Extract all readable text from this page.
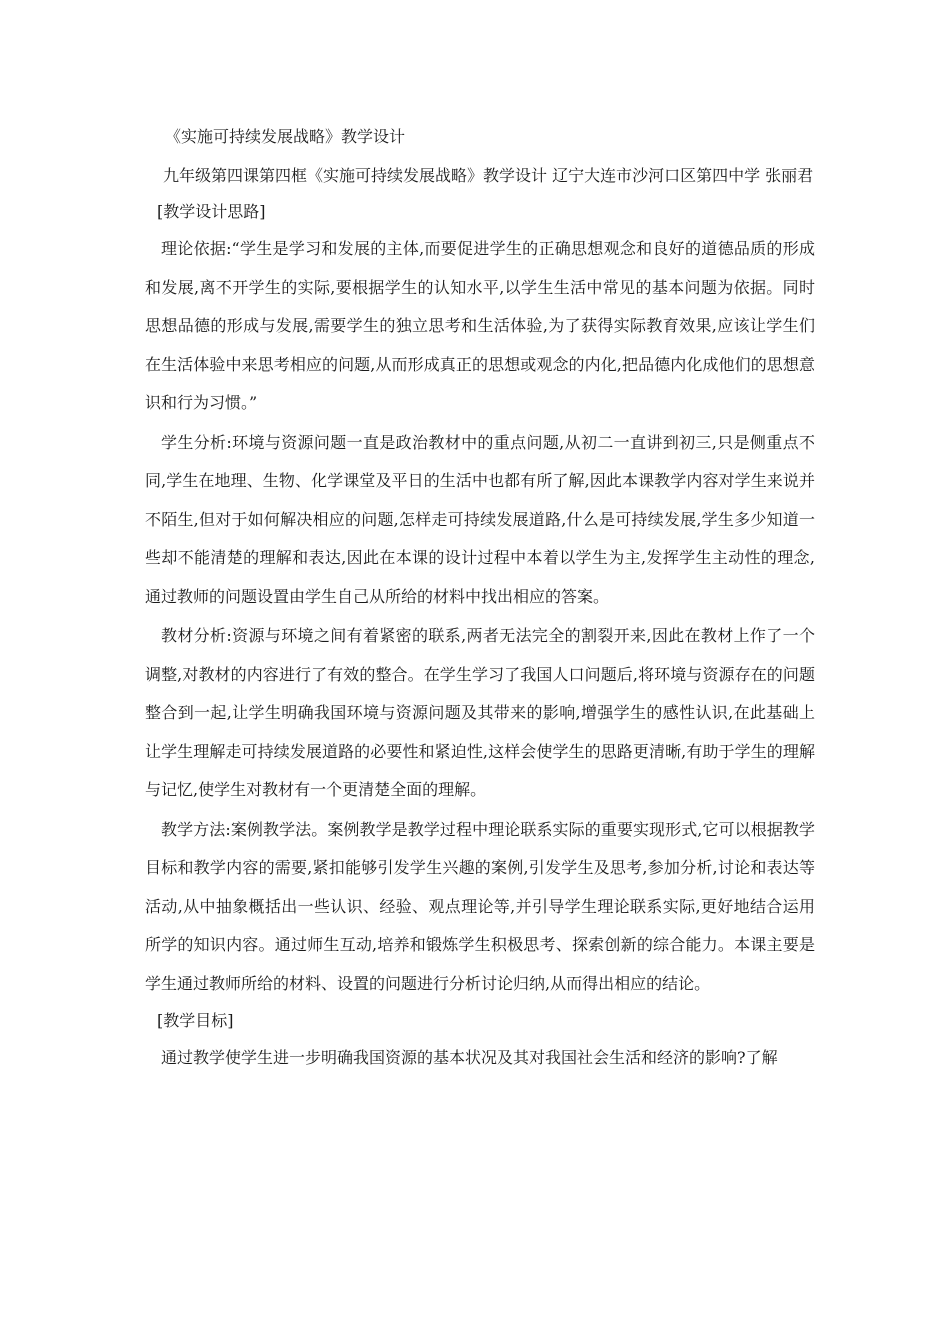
《实施可持续发展战略》教学设计

九年级第四课第四框《实施可持续发展战略》教学设计 辽宁大连市沙河口区第四中学 张丽君

[教学设计思路]

理论依据:“学生是学习和发展的主体,而要促进学生的正确思想观念和良好的道德品质的形成和发展,离不开学生的实际,要根据学生的认知水平,以学生生活中常见的基本问题为依据。同时思想品德的形成与发展,需要学生的独立思考和生活体验,为了获得实际教育效果,应该让学生们在生活体验中来思考相应的问题,从而形成真正的思想或观念的内化,把品德内化成他们的思想意识和行为习惯。”

学生分析:环境与资源问题一直是政治教材中的重点问题,从初二一直讲到初三,只是侧重点不同,学生在地理、生物、化学课堂及平日的生活中也都有所了解,因此本课教学内容对学生来说并不陌生,但对于如何解决相应的问题,怎样走可持续发展道路,什么是可持续发展,学生多少知道一些却不能清楚的理解和表达,因此在本课的设计过程中本着以学生为主,发挥学生主动性的理念,通过教师的问题设置由学生自己从所给的材料中找出相应的答案。

教材分析:资源与环境之间有着紧密的联系,两者无法完全的割裂开来,因此在教材上作了一个调整,对教材的内容进行了有效的整合。在学生学习了我国人口问题后,将环境与资源存在的问题整合到一起,让学生明确我国环境与资源问题及其带来的影响,增强学生的感性认识,在此基础上让学生理解走可持续发展道路的必要性和紧迫性,这样会使学生的思路更清晰,有助于学生的理解与记忆,使学生对教材有一个更清楚全面的理解。

教学方法:案例教学法。案例教学是教学过程中理论联系实际的重要实现形式,它可以根据教学目标和教学内容的需要,紧扣能够引发学生兴趣的案例,引发学生及思考,参加分析,讨论和表达等活动,从中抽象概括出一些认识、经验、观点理论等,并引导学生理论联系实际,更好地结合运用所学的知识内容。通过师生互动,培养和锻炼学生积极思考、探索创新的综合能力。本课主要是学生通过教师所给的材料、设置的问题进行分析讨论归纳,从而得出相应的结论。

[教学目标]

通过教学使学生进一步明确我国资源的基本状况及其对我国社会生活和经济的影响?了解
